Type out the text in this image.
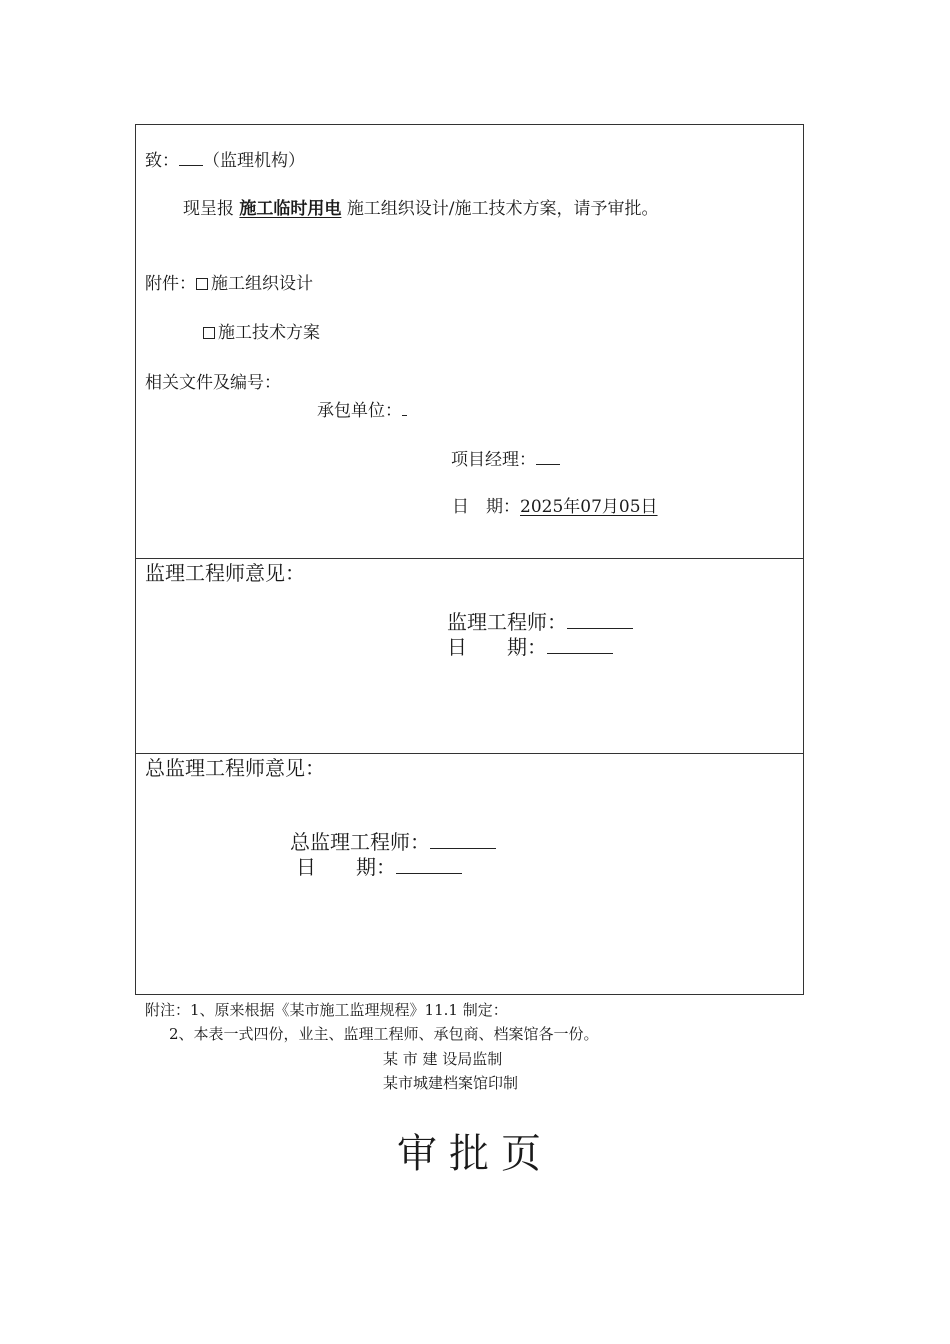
致： （监理机构）
现呈报 施工临时用电 施工组织设计/施工技术方案，请予审批。
附件： 施工组织设计
施工技术方案
相关文件及编号：
承包单位：
项目经理：
日　期：2025年07月05日
监理工程师意见：
监理工程师：
日　　期：
总监理工程师意见：
总监理工程师：
日　　期：
附注：1、原来根据《某市施工监理规程》11.1 制定：
2、本表一式四份，业主、监理工程师、承包商、档案馆各一份。
某 市 建 设局监制
某市城建档案馆印制
审批页
